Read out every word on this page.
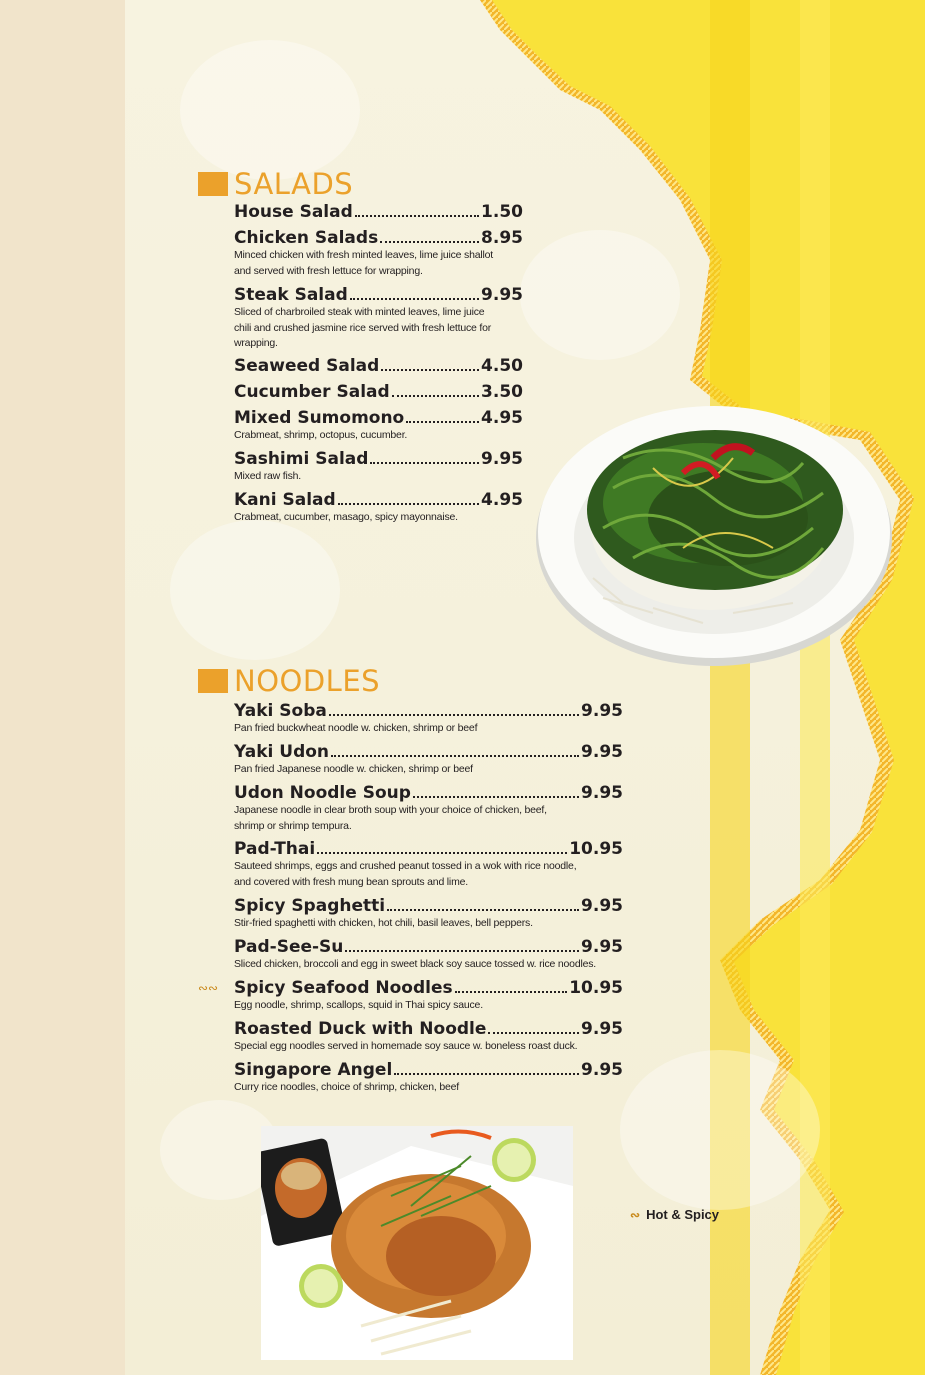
SALADS
House Salad	1.50
Chicken Salads	8.95
Minced chicken with fresh minted leaves, lime juice shallot and served with fresh lettuce for wrapping.
Steak Salad	9.95
Sliced of charbroiled steak with minted leaves, lime juice chili and crushed jasmine rice served with fresh lettuce for wrapping.
Seaweed Salad	4.50
Cucumber Salad	3.50
Mixed Sumomono	4.95
Crabmeat, shrimp, octopus, cucumber.
Sashimi Salad	9.95
Mixed raw fish.
Kani Salad	4.95
Crabmeat, cucumber, masago, spicy mayonnaise.
NOODLES
Yaki Soba	9.95
Pan fried buckwheat noodle w. chicken, shrimp or beef
Yaki Udon	9.95
Pan fried Japanese noodle w. chicken, shrimp or beef
Udon Noodle Soup	9.95
Japanese noodle in clear broth soup with your choice of chicken, beef, shrimp or shrimp tempura.
Pad-Thai	10.95
Sauteed shrimps, eggs and crushed peanut tossed in a wok with rice noodle, and covered with fresh mung bean sprouts and lime.
Spicy Spaghetti	9.95
Stir-fried spaghetti with chicken, hot chili, basil leaves, bell peppers.
Pad-See-Su	9.95
Sliced chicken, broccoli and egg in sweet black soy sauce tossed w. rice noodles.
∾∾ Spicy Seafood Noodles	10.95
Egg noodle, shrimp, scallops, squid in Thai spicy sauce.
Roasted Duck with Noodle	9.95
Special egg noodles served in homemade soy sauce w. boneless roast duck.
Singapore Angel	9.95
Curry rice noodles, choice of shrimp, chicken, beef
∾ Hot & Spicy
